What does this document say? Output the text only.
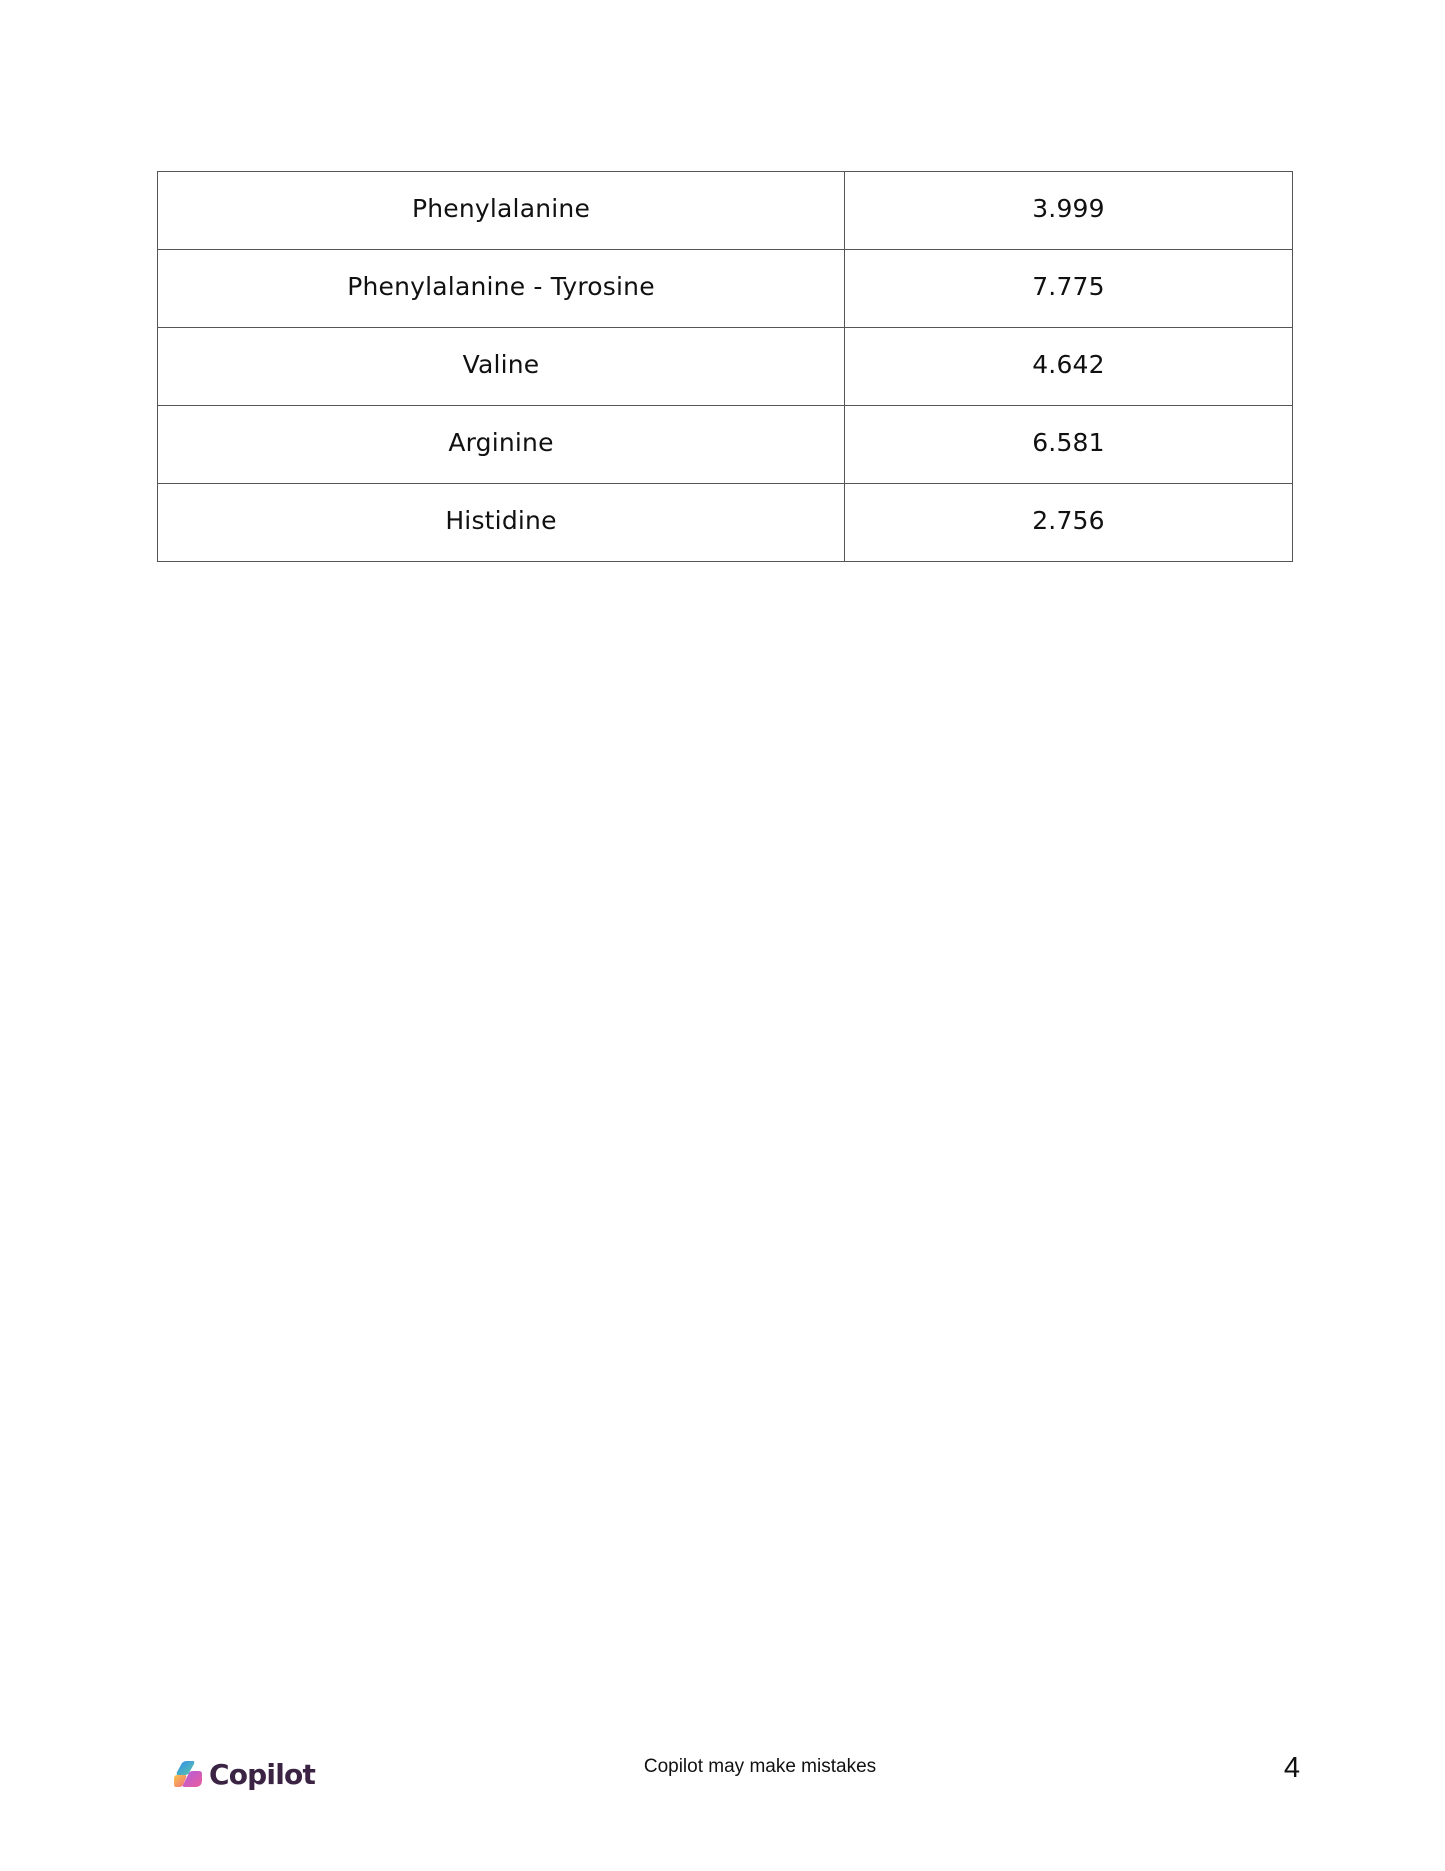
Phenylalanine	3.999

Phenylalanine - Tyrosine	7.775

Valine	4.642

Arginine	6.581

Histidine	2.756
Copilot	Copilot may make mistakes	4
